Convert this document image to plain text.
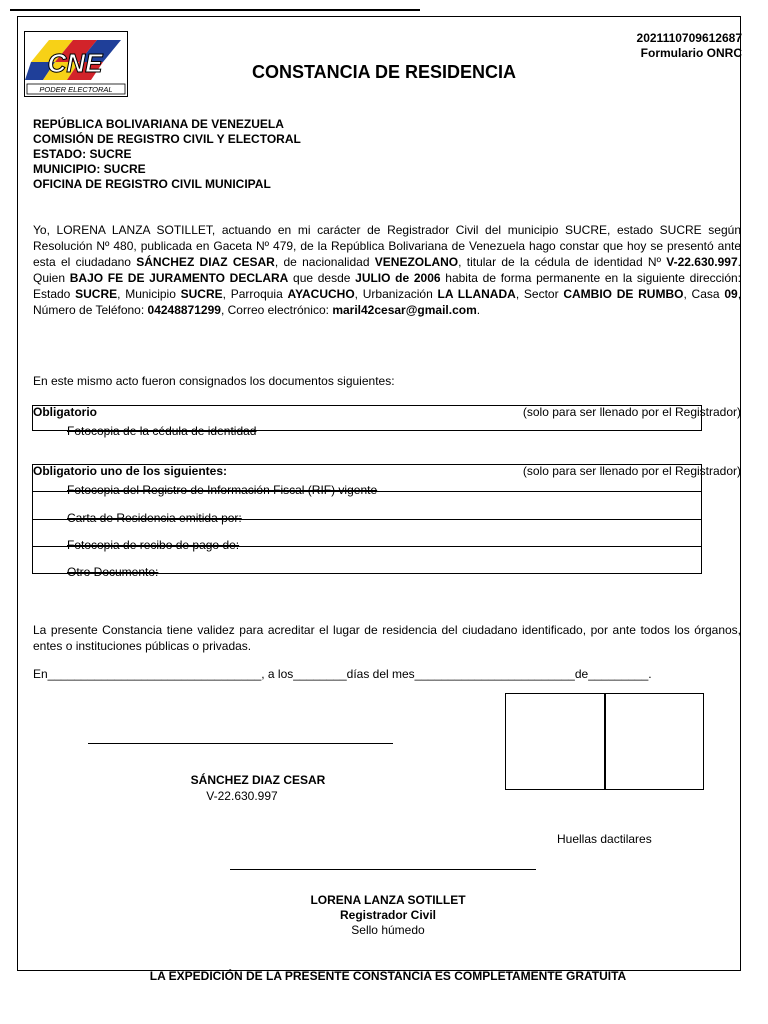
CNE
PODER ELECTORAL
2021110709612687
Formulario ONRC
CONSTANCIA DE RESIDENCIA
REPÚBLICA BOLIVARIANA DE VENEZUELA
COMISIÓN DE REGISTRO CIVIL Y ELECTORAL
ESTADO: SUCRE
MUNICIPIO: SUCRE
OFICINA DE REGISTRO CIVIL MUNICIPAL
Yo, LORENA LANZA SOTILLET, actuando en mi carácter de Registrador Civil del municipio SUCRE, estado SUCRE según Resolución Nº 480, publicada en Gaceta Nº 479, de la República Bolivariana de Venezuela hago constar que hoy se presentó ante esta el ciudadano SÁNCHEZ DIAZ CESAR, de nacionalidad VENEZOLANO, titular de la cédula de identidad Nº V-22.630.997. Quien BAJO FE DE JURAMENTO DECLARA que desde JULIO de 2006 habita de forma permanente en la siguiente dirección: Estado SUCRE, Municipio SUCRE, Parroquia AYACUCHO, Urbanización LA LLANADA, Sector CAMBIO DE RUMBO, Casa 09, Número de Teléfono: 04248871299, Correo electrónico: maril42cesar@gmail.com.
En este mismo acto fueron consignados los documentos siguientes:
Obligatorio	(solo para ser llenado por el Registrador)
Fotocopia de la cédula de identidad
Obligatorio uno de los siguientes:	(solo para ser llenado por el Registrador)
Fotocopia del Registro de Información Fiscal (RIF) vigente
Carta de Residencia emitida por:
Fotocopia de recibo de pago de:
Otro Documento:
La presente Constancia tiene validez para acreditar el lugar de residencia del ciudadano identificado, por ante todos los órganos, entes o instituciones públicas o privadas.
En________________________________, a los________días del mes________________________de_________.
Huellas dactilares
SÁNCHEZ DIAZ CESAR
V-22.630.997
LORENA LANZA SOTILLET
Registrador Civil
Sello húmedo
LA EXPEDICIÓN DE LA PRESENTE CONSTANCIA ES COMPLETAMENTE GRATUITA
